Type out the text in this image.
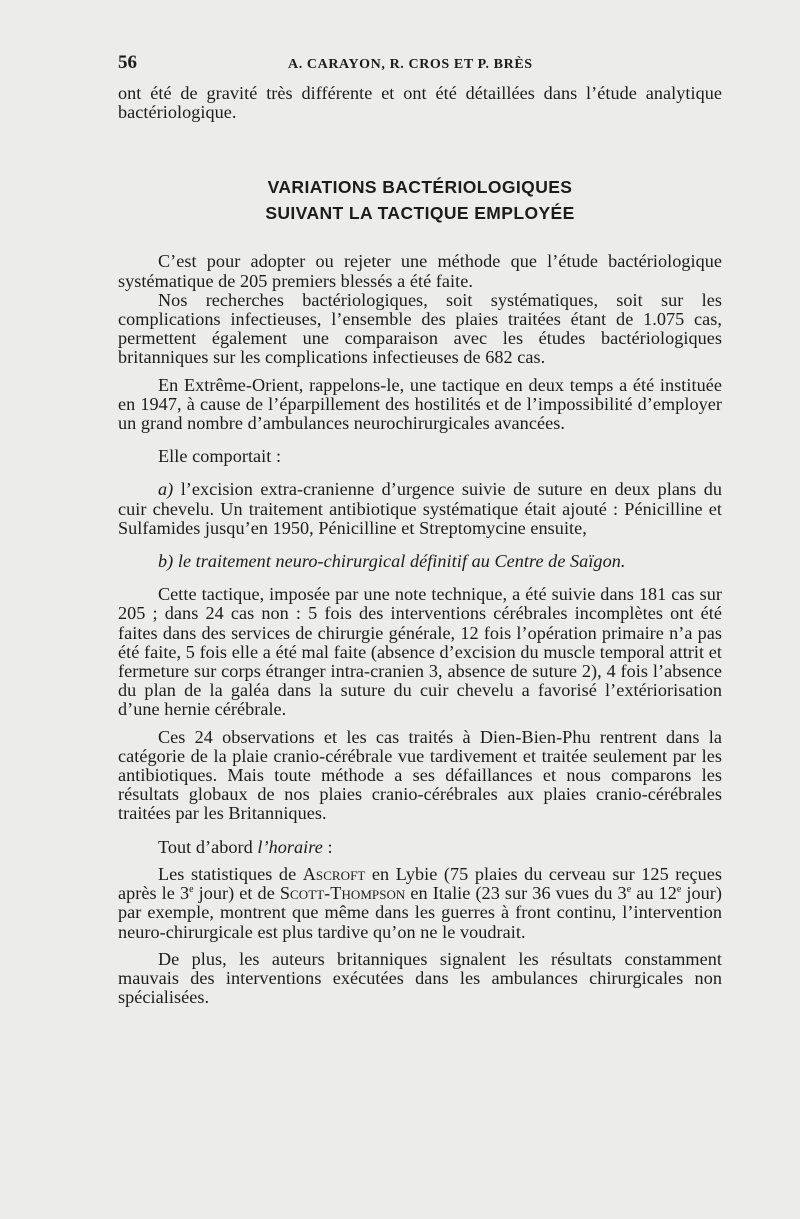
56	A. CARAYON, R. CROS ET P. BRÈS

ont été de gravité très différente et ont été détaillées dans l’étude analytique bactériologique.

VARIATIONS BACTÉRIOLOGIQUES
SUIVANT LA TACTIQUE EMPLOYÉE

C’est pour adopter ou rejeter une méthode que l’étude bactériologique systématique de 205 premiers blessés a été faite.

Nos recherches bactériologiques, soit systématiques, soit sur les complications infectieuses, l’ensemble des plaies traitées étant de 1.075 cas, permettent également une comparaison avec les études bactériologiques britanniques sur les complications infectieuses de 682 cas.

En Extrême-Orient, rappelons-le, une tactique en deux temps a été instituée en 1947, à cause de l’éparpillement des hostilités et de l’impossibilité d’employer un grand nombre d’ambulances neurochirurgicales avancées.

Elle comportait :

a) l’excision extra-cranienne d’urgence suivie de suture en deux plans du cuir chevelu. Un traitement antibiotique systématique était ajouté : Pénicilline et Sulfamides jusqu’en 1950, Pénicilline et Streptomycine ensuite,

b) le traitement neuro-chirurgical définitif au Centre de Saïgon.

Cette tactique, imposée par une note technique, a été suivie dans 181 cas sur 205 ; dans 24 cas non : 5 fois des interventions cérébrales incomplètes ont été faites dans des services de chirurgie générale, 12 fois l’opération primaire n’a pas été faite, 5 fois elle a été mal faite (absence d’excision du muscle temporal attrit et fermeture sur corps étranger intra-cranien 3, absence de suture 2), 4 fois l’absence du plan de la galéa dans la suture du cuir chevelu a favorisé l’extériorisation d’une hernie cérébrale.

Ces 24 observations et les cas traités à Dien-Bien-Phu rentrent dans la catégorie de la plaie cranio-cérébrale vue tardivement et traitée seulement par les antibiotiques. Mais toute méthode a ses défaillances et nous comparons les résultats globaux de nos plaies cranio-cérébrales aux plaies cranio-cérébrales traitées par les Britanniques.

Tout d’abord l’horaire :

Les statistiques de Ascroft en Lybie (75 plaies du cerveau sur 125 reçues après le 3e jour) et de Scott-Thompson en Italie (23 sur 36 vues du 3e au 12e jour) par exemple, montrent que même dans les guerres à front continu, l’intervention neuro-chirurgicale est plus tardive qu’on ne le voudrait.

De plus, les auteurs britanniques signalent les résultats constamment mauvais des interventions exécutées dans les ambulances chirurgicales non spécialisées.
